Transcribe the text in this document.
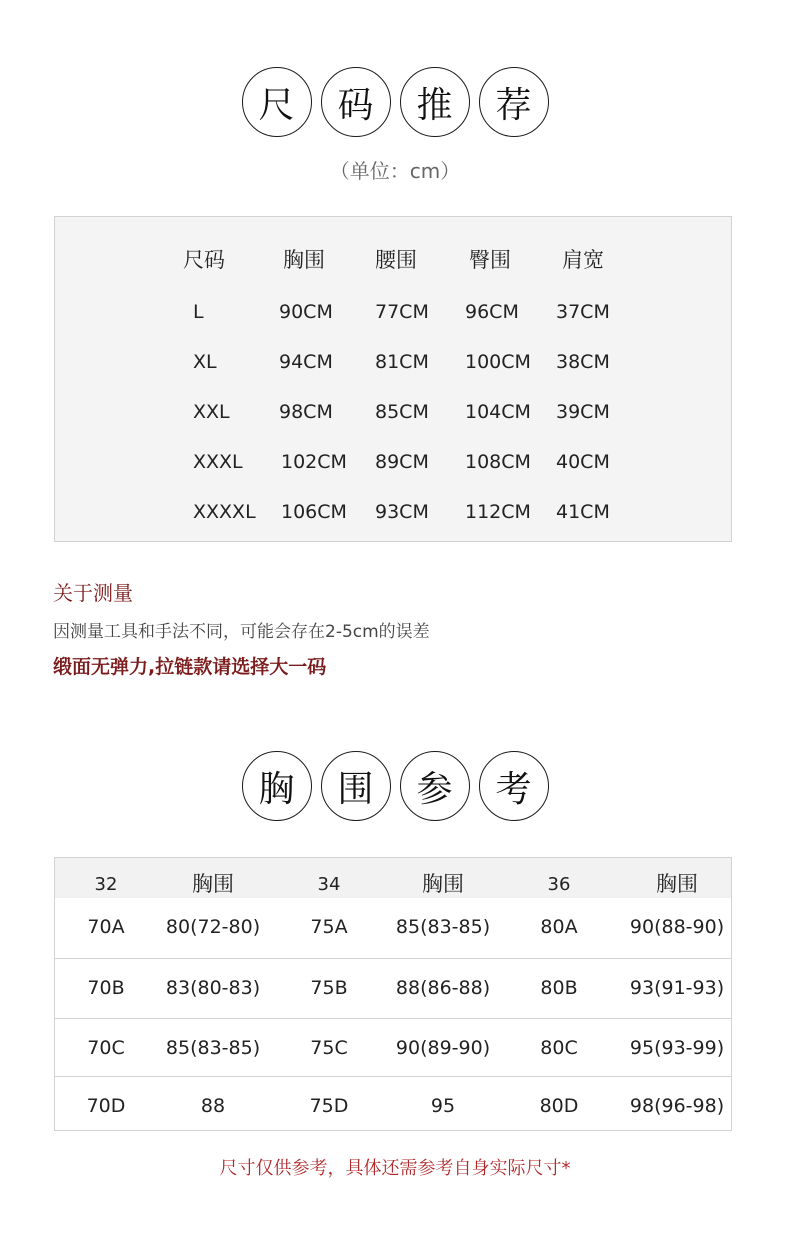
尺	码	推	荐
（单位：cm）
尺码	胸围 腰围 臀围 肩宽
L	90CM 77CM 96CM 37CM
XL	94CM 81CM 100CM 38CM
XXL	98CM 85CM 104CM 39CM
XXXL 102CM 89CM 108CM 40CM
XXXXL 106CM 93CM 112CM 41CM
关于测量
因测量工具和手法不同，可能会存在2-5cm的误差
缎面无弹力,拉链款请选择大一码
胸	围	参	考
32	胸围	34	胸围	36	胸围
70A	80(72-80)	75A	85(83-85)	80A	90(88-90)
70B	83(80-83)	75B	88(86-88)	80B	93(91-93)
70C	85(83-85)	75C	90(89-90)	80C	95(93-99)
70D	88	75D	95	80D	98(96-98)
尺寸仅供参考，具体还需参考自身实际尺寸*
